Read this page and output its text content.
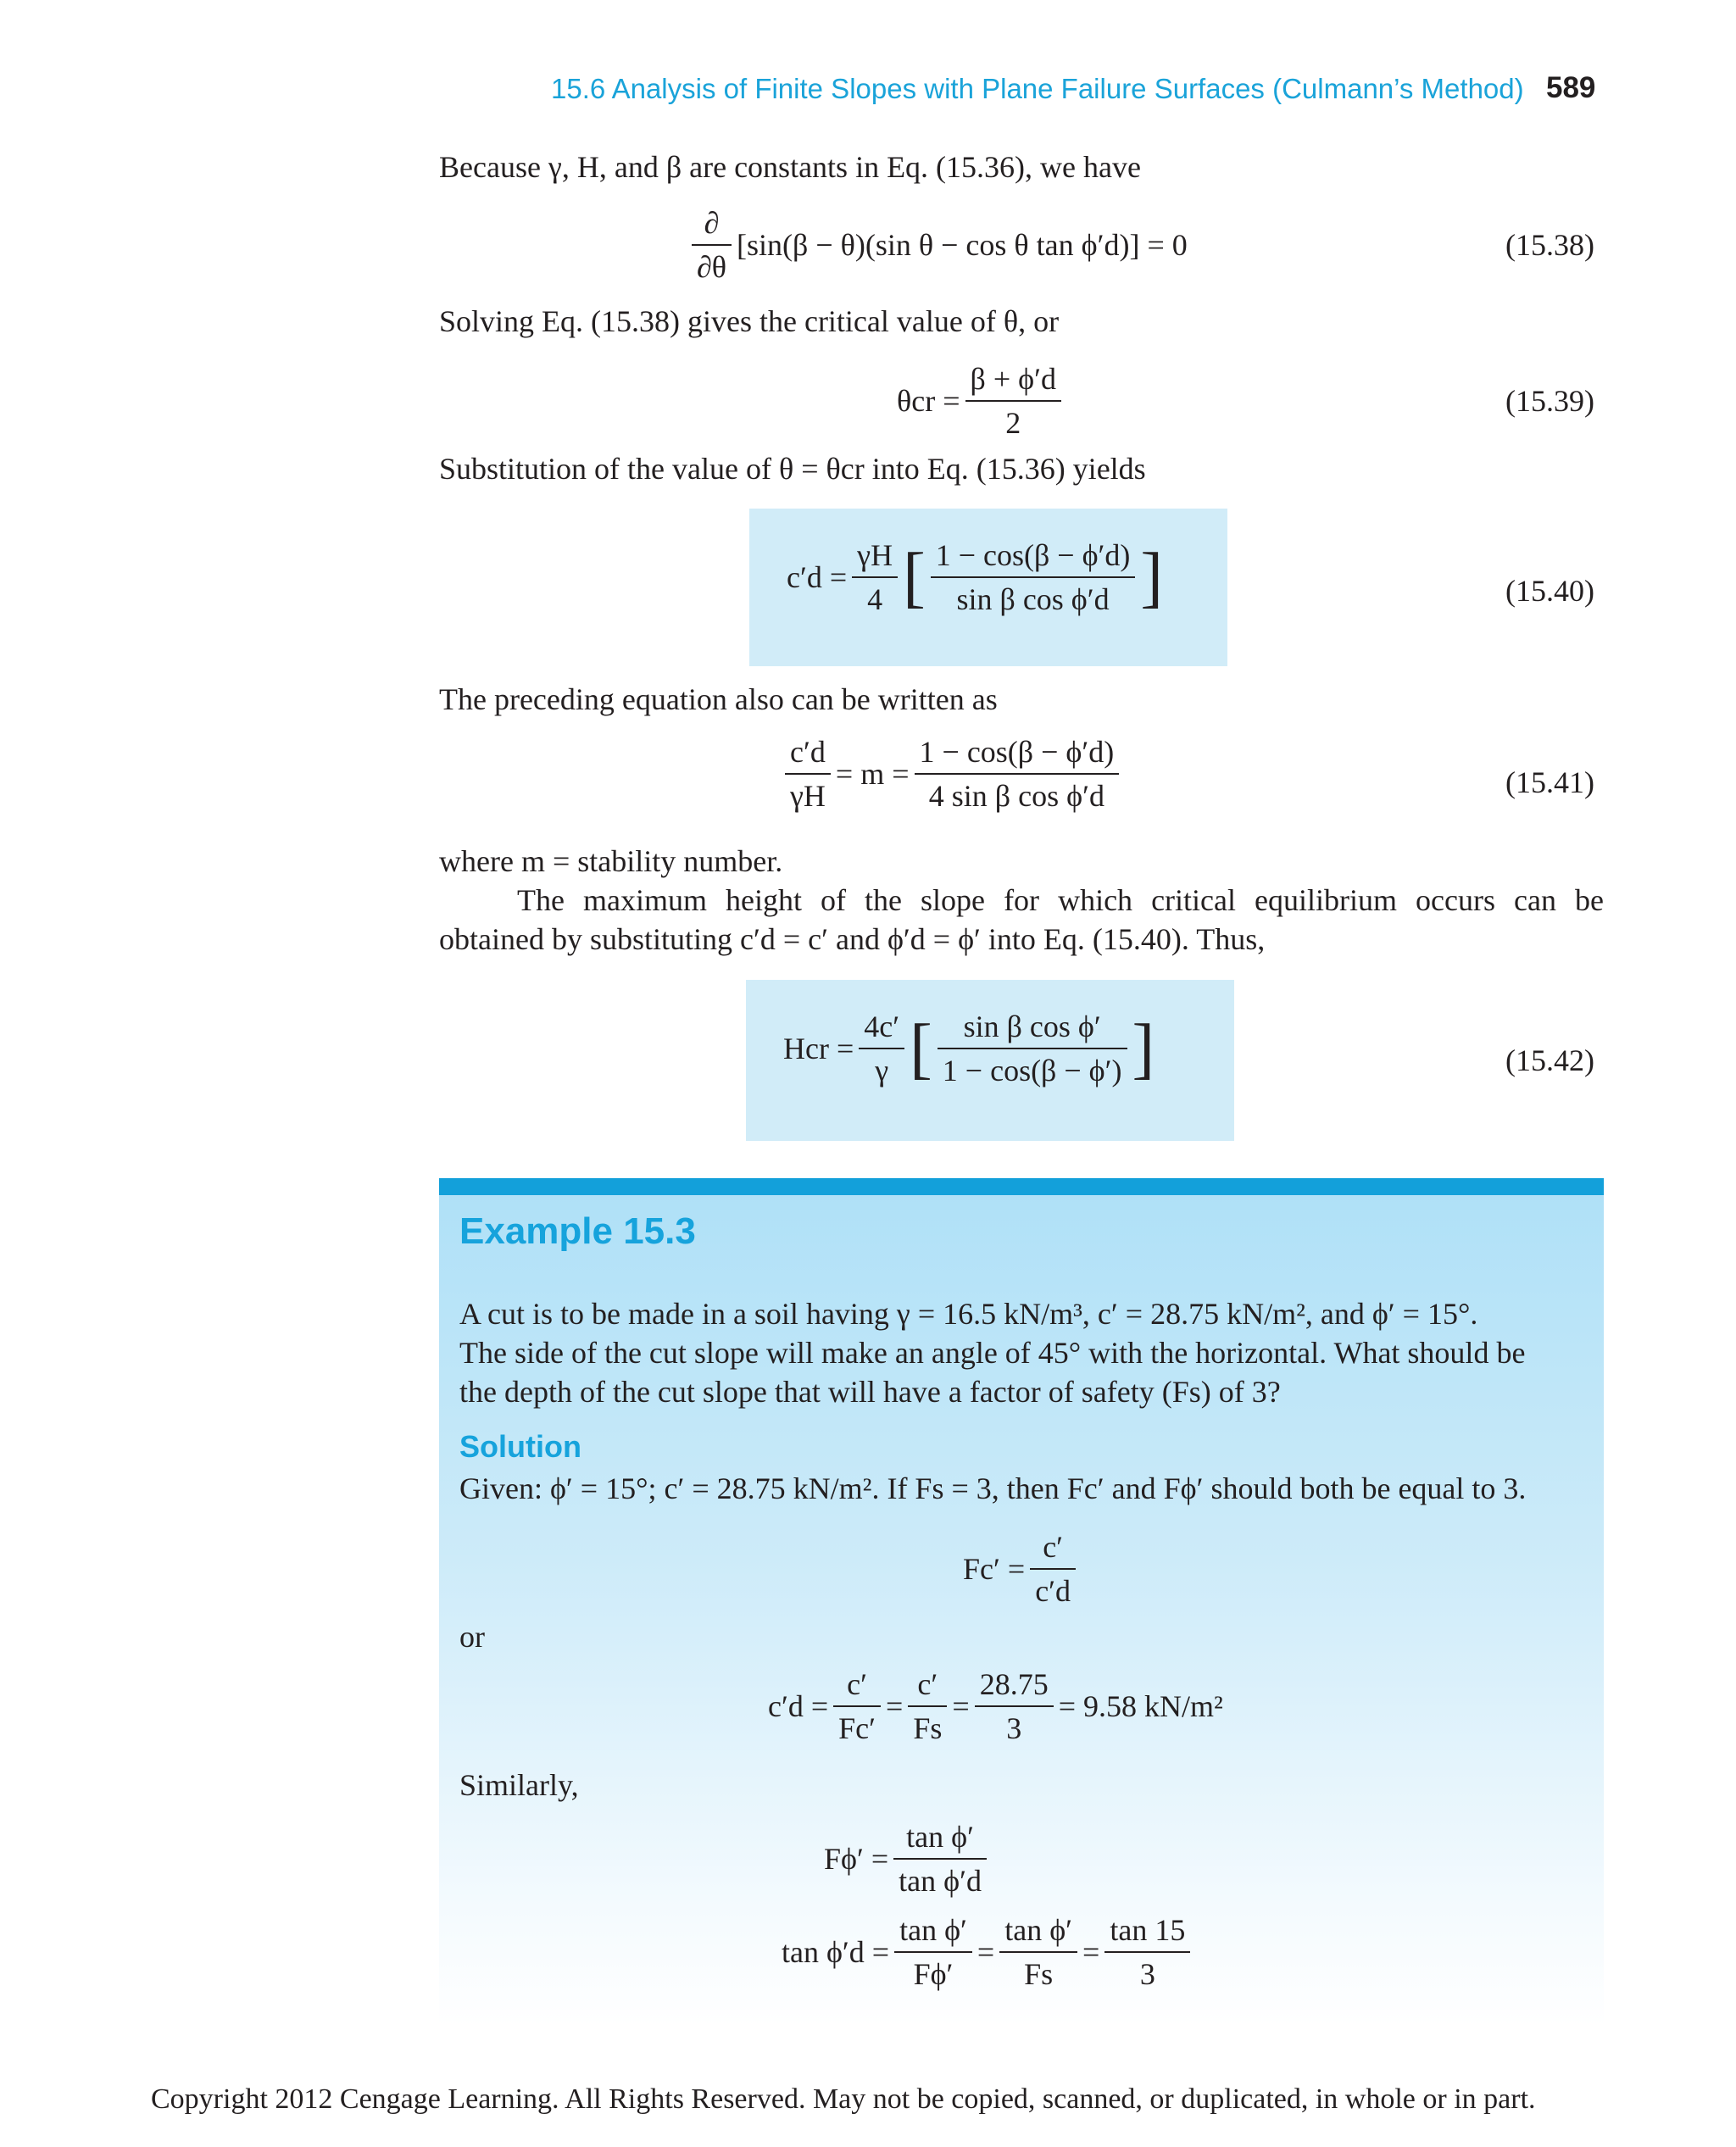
15.6 Analysis of Finite Slopes with Plane Failure Surfaces (Culmann’s Method) 589
Because γ, H, and β are constants in Eq. (15.36), we have
$\frac{\partial}{\partial\theta} [\sin(\beta - \theta)(\sin$ θ − cos θ tan ϕ′d)] = 0	(15.38)
Solving Eq. (15.38) gives the critical value of θ, or
$\theta cr = \frac{\beta + \phi'd}{2}$	(15.39)
Substitution of the value of θ = θcr into Eq. (15.36) yields
$c'd = \frac{\gamma H}{4}$ [ $\frac{1 - \cos(\beta - \phi'd)}{\text{sin β cos ϕ′d}}$ ]	(15.40)
The preceding equation also can be written as
$\frac{c'd}{\gamma H} = m = \frac{1 - \cos(\beta - \phi'd)}{\text{4 sin β cos ϕ′d}}$	(15.41)
where m = stability number.
The maximum height of the slope for which critical equilibrium occurs can be
obtained by substituting c′d = c′ and ϕ′d = ϕ′ into Eq. (15.40). Thus,
Hcr = $\frac{4c'}{\gamma}$ [ $\frac{\text{sin β cos ϕ′}}{1 - \cos(\beta - \phi')}$ ]	(15.42)
Example 15.3
A cut is to be made in a soil having γ = 16.5 kN/m³, c′ = 28.75 kN/m², and ϕ′ = 15°.
The side of the cut slope will make an angle of 45° with the horizontal. What should be
the depth of the cut slope that will have a factor of safety (Fs) of 3?
Solution
Given: ϕ′ = 15°; c′ = 28.75 kN/m². If Fs = 3, then Fc′ and Fϕ′ should both be equal to 3.
$Fc' = \frac{c'}{c'd}$
or
$c'd = \frac{c'}{Fc'} = \frac{c'}{Fs} = \frac{28.75}{3} = 9.58$ kN/m²
Similarly,
$F\phi' = \frac{\text{tan ϕ′}}{\text{tan ϕ′d}}$
$\tan \phi'd = \frac{\text{tan ϕ′}}{F\phi'} = \frac{\text{tan ϕ′}}{Fs} = \frac{\tan 15}{3}$
Copyright 2012 Cengage Learning. All Rights Reserved. May not be copied, scanned, or duplicated, in whole or in part.
